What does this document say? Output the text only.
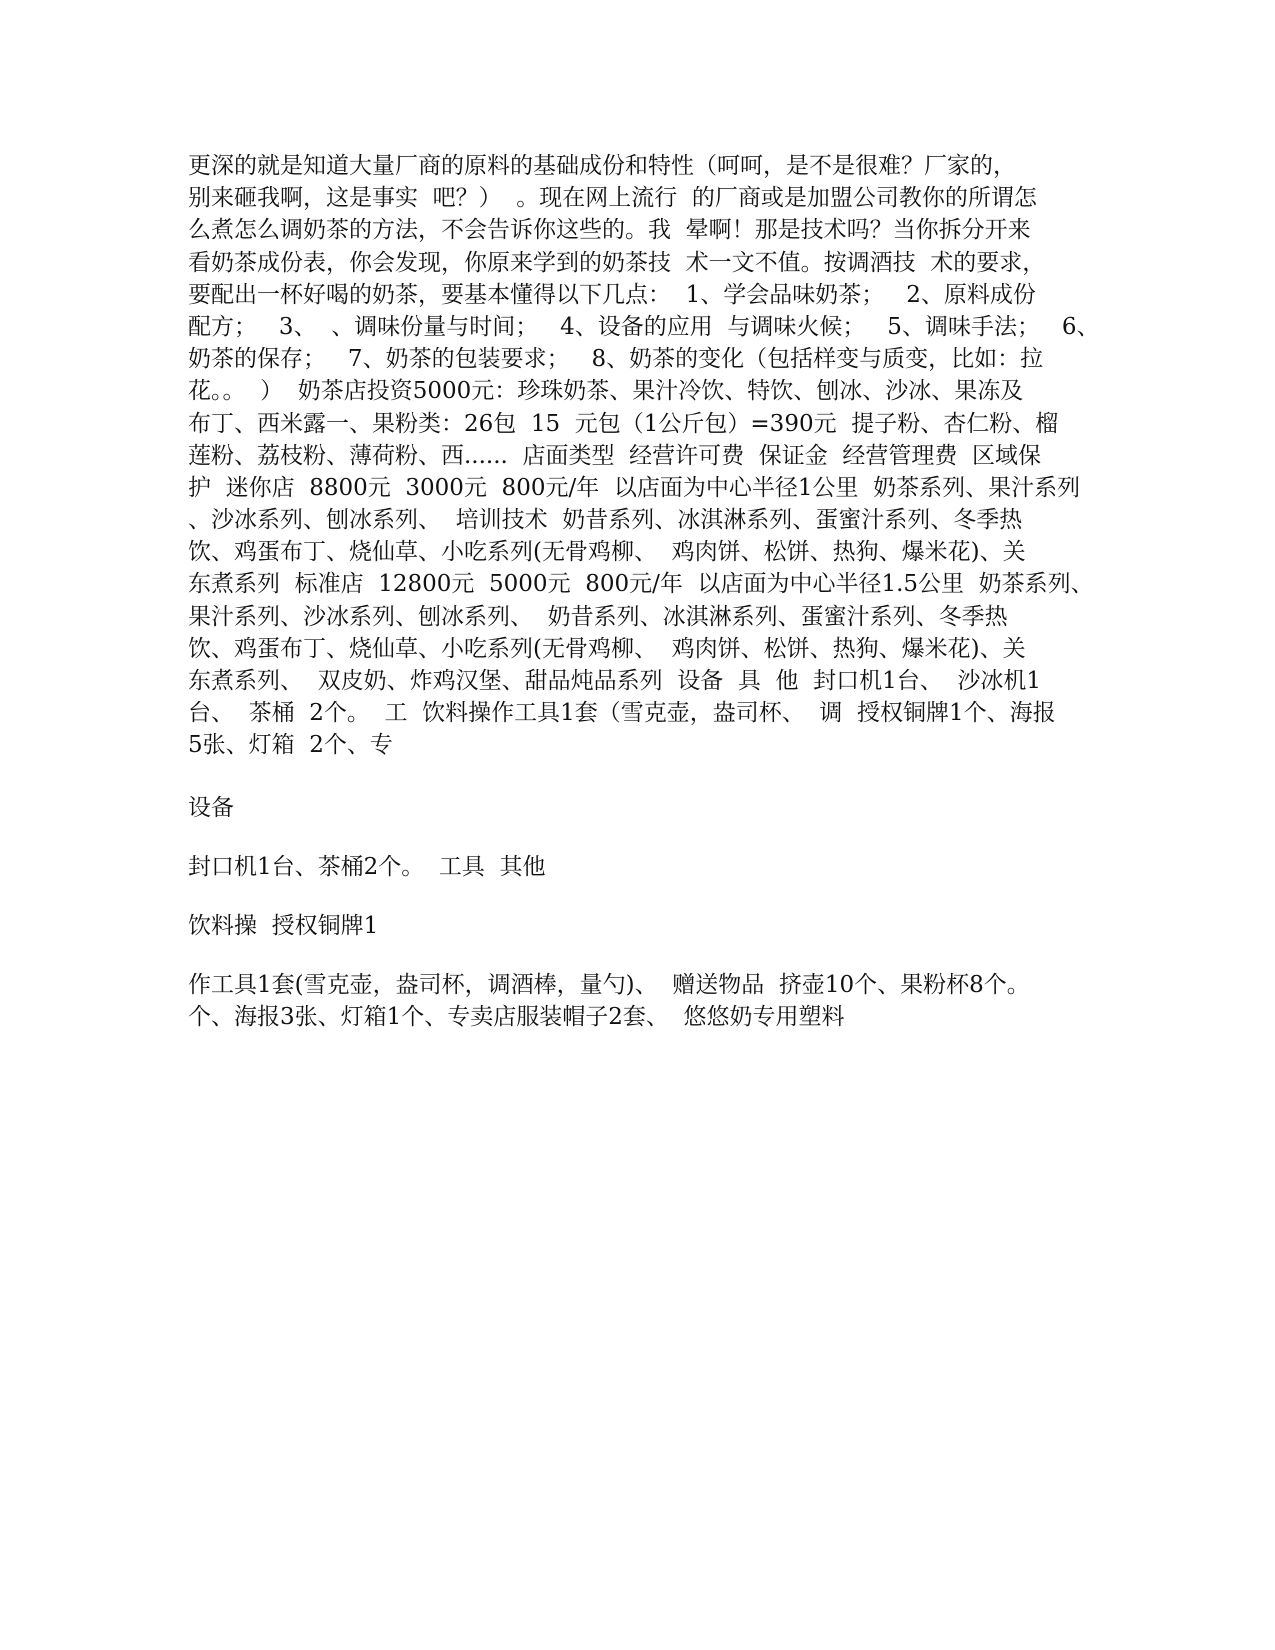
更深的就是知道大量厂商的原料的基础成份和特性（呵呵，是不是很难？厂家的，
别来砸我啊，这是事实  吧？）  。现在网上流行  的厂商或是加盟公司教你的所谓怎
么煮怎么调奶茶的方法，不会告诉你这些的。我  晕啊！那是技术吗？当你拆分开来
看奶茶成份表，你会发现，你原来学到的奶茶技  术一文不值。按调酒技  术的要求，
要配出一杯好喝的奶茶，要基本懂得以下几点：  1、学会品味奶茶；   2、原料成份
配方；   3、  、调味份量与时间；   4、设备的应用  与调味火候；   5、调味手法；   6、
奶茶的保存；   7、奶茶的包装要求；   8、奶茶的变化（包括样变与质变，比如：拉
花。。  ）  奶茶店投资5000元：珍珠奶茶、果汁冷饮、特饮、刨冰、沙冰、果冻及
布丁、西米露一、果粉类：26包  15  元包（1公斤包）=390元  提子粉、杏仁粉、榴
莲粉、荔枝粉、薄荷粉、西......  店面类型  经营许可费  保证金  经营管理费  区域保
护  迷你店  8800元  3000元  800元/年  以店面为中心半径1公里  奶茶系列、果汁系列
、沙冰系列、刨冰系列、  培训技术  奶昔系列、冰淇淋系列、蛋蜜汁系列、冬季热
饮、鸡蛋布丁、烧仙草、小吃系列(无骨鸡柳、  鸡肉饼、松饼、热狗、爆米花)、关
东煮系列  标准店  12800元  5000元  800元/年  以店面为中心半径1.5公里  奶茶系列、
果汁系列、沙冰系列、刨冰系列、  奶昔系列、冰淇淋系列、蛋蜜汁系列、冬季热
饮、鸡蛋布丁、烧仙草、小吃系列(无骨鸡柳、  鸡肉饼、松饼、热狗、爆米花)、关
东煮系列、  双皮奶、炸鸡汉堡、甜品炖品系列  设备  具  他  封口机1台、  沙冰机1
台、  茶桶  2个。  工  饮料操作工具1套（雪克壶，盎司杯、  调  授权铜牌1个、海报
5张、灯箱  2个、专
设备
封口机1台、茶桶2个。  工具  其他
饮料操  授权铜牌1
作工具1套(雪克壶，盎司杯，调酒棒，量勺)、  赠送物品  挤壶10个、果粉杯8个。
个、海报3张、灯箱1个、专卖店服装帽子2套、  悠悠奶专用塑料
